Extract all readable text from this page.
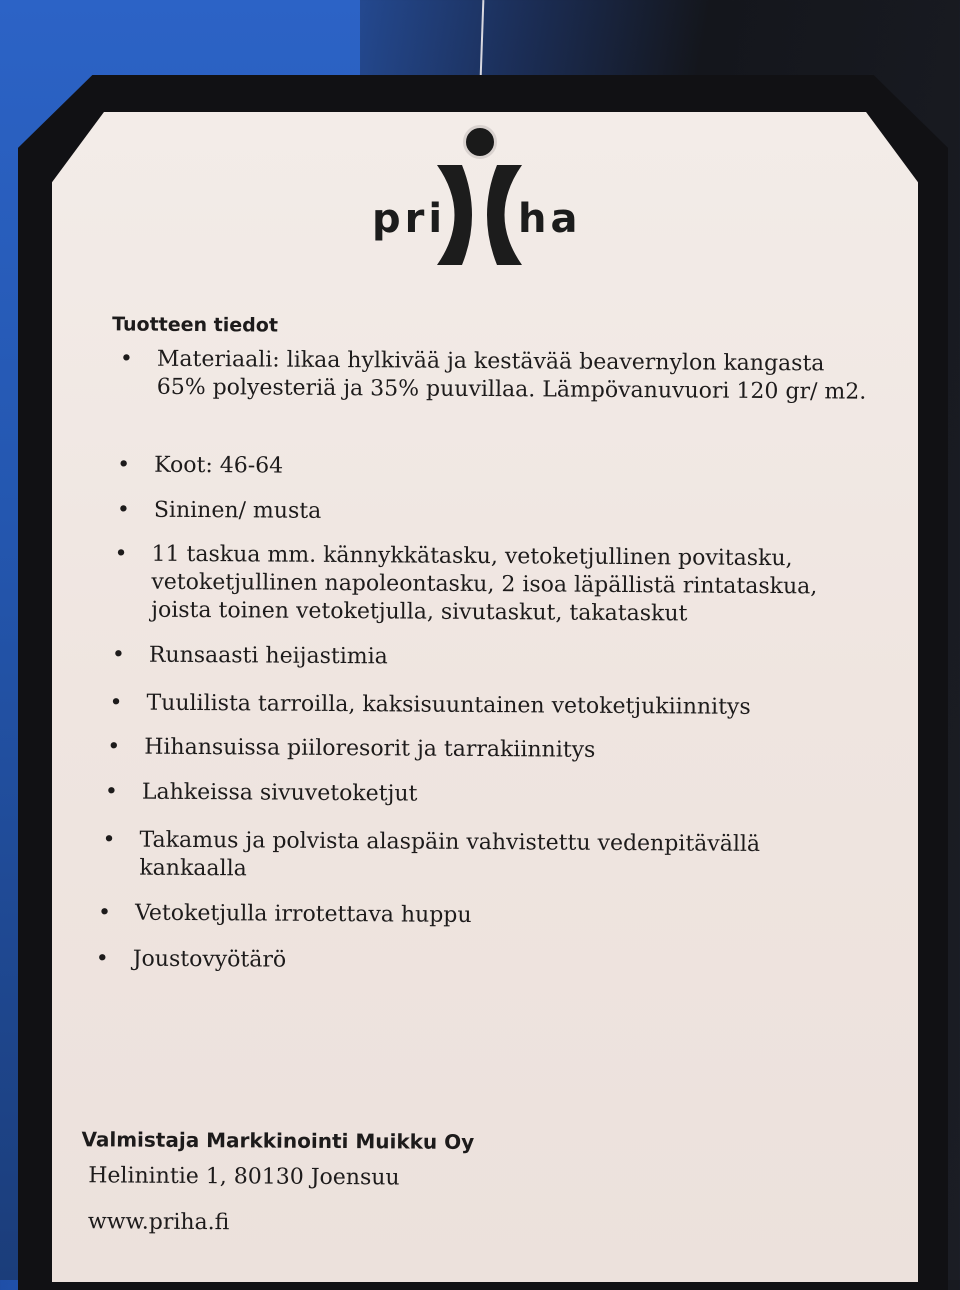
pri ha
Tuotteen tiedot
• Materiaali: likaa hylkivää ja kestävää beavernylon kangasta 65% polyesteriä ja 35% puuvillaa. Lämpövanuvuori 120 gr/ m2.
• Koot: 46-64
• Sininen/ musta
• 11 taskua mm. kännykkätasku, vetoketjullinen povitasku, vetoketjullinen napoleontasku, 2 isoa läpällistä rintataskua, joista toinen vetoketjulla, sivutaskut, takataskut
• Runsaasti heijastimia
• Tuulilista tarroilla, kaksisuuntainen vetoketjukiinnitys
• Hihansuissa piiloresorit ja tarrakiinnitys
• Lahkeissa sivuvetoketjut
• Takamus ja polvista alaspäin vahvistettu vedenpitävällä kankaalla
• Vetoketjulla irrotettava huppu
• Joustovyötärö
Valmistaja Markkinointi Muikku Oy
Helinintie 1, 80130 Joensuu
www.priha.fi
